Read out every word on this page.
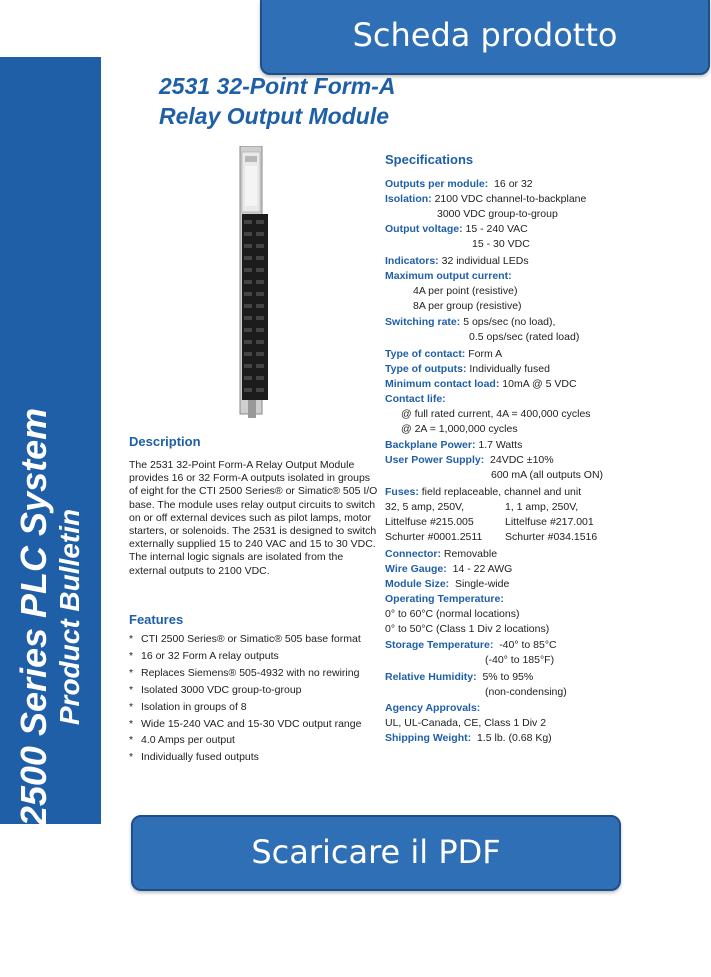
2500 Series PLC System Product Bulletin
Scheda prodotto
2531 32-Point Form-A
Relay Output Module
Description
The 2531 32-Point Form-A Relay Output Module provides 16 or 32 Form-A outputs isolated in groups of eight for the CTI 2500 Series® or Simatic® 505 I/O base. The module uses relay output circuits to switch on or off external devices such as pilot lamps, motor starters, or solenoids. The 2531 is designed to switch externally supplied 15 to 240 VAC and 15 to 30 VDC. The internal logic signals are isolated from the external outputs to 2100 VDC.
Features
* CTI 2500 Series® or Simatic® 505 base format
* 16 or 32 Form A relay outputs
* Replaces Siemens® 505-4932 with no rewiring
* Isolated 3000 VDC group-to-group
* Isolation in groups of 8
* Wide 15-240 VAC and 15-30 VDC output range
* 4.0 Amps per output
* Individually fused outputs
Specifications
Outputs per module: 16 or 32
Isolation: 2100 VDC channel-to-backplane
3000 VDC group-to-group
Output voltage: 15 - 240 VAC
15 - 30 VDC
Indicators: 32 individual LEDs
Maximum output current:
4A per point (resistive)
8A per group (resistive)
Switching rate: 5 ops/sec (no load),
0.5 ops/sec (rated load)
Type of contact: Form A
Type of outputs: Individually fused
Minimum contact load: 10mA @ 5 VDC
Contact life:
@ full rated current, 4A = 400,000 cycles
@ 2A = 1,000,000 cycles
Backplane Power: 1.7 Watts
User Power Supply: 24VDC ±10%
600 mA (all outputs ON)
Fuses: field replaceable, channel and unit
32, 5 amp, 250V,	1, 1 amp, 250V,
Littelfuse #215.005	Littelfuse #217.001
Schurter #0001.2511 Schurter #034.1516
Connector: Removable
Wire Gauge: 14 - 22 AWG
Module Size: Single-wide
Operating Temperature:
0° to 60°C (normal locations)
0° to 50°C (Class 1 Div 2 locations)
Storage Temperature: -40° to 85°C
(-40° to 185°F)
Relative Humidity: 5% to 95%
(non-condensing)
Agency Approvals:
UL, UL-Canada, CE, Class 1 Div 2
Shipping Weight: 1.5 lb. (0.68 Kg)
Scaricare il PDF
